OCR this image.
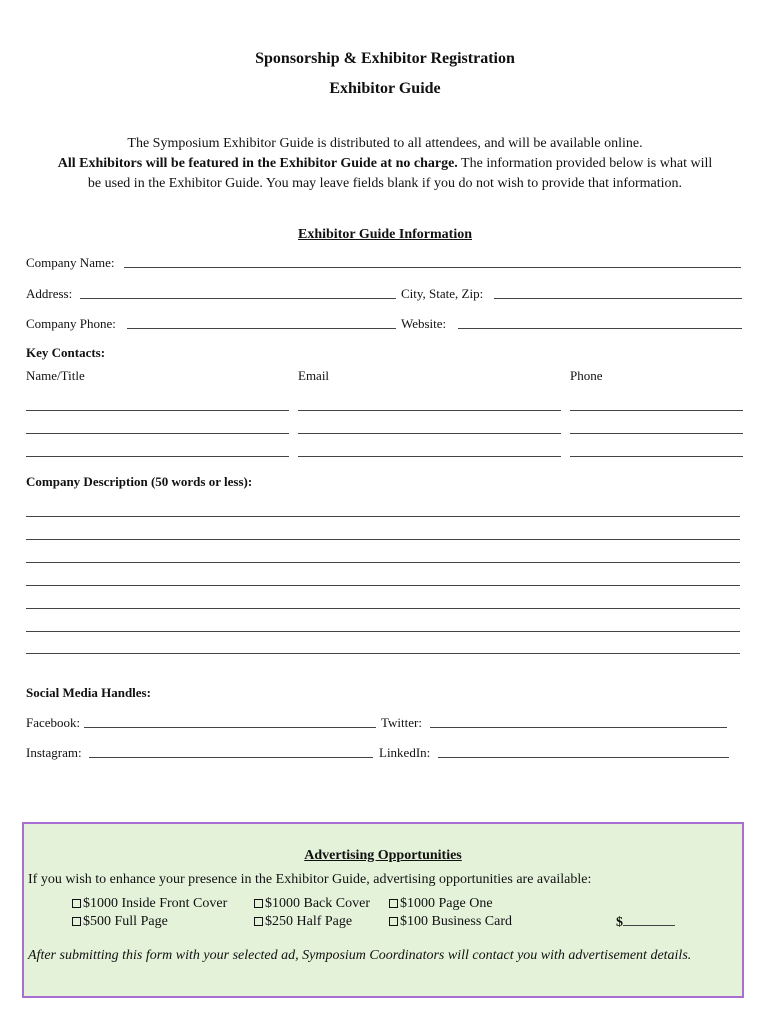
Sponsorship & Exhibitor Registration
Exhibitor Guide
The Symposium Exhibitor Guide is distributed to all attendees, and will be available online.
All Exhibitors will be featured in the Exhibitor Guide at no charge. The information provided below is what will
be used in the Exhibitor Guide. You may leave fields blank if you do not wish to provide that information.
Exhibitor Guide Information
Company Name:
Address:	City, State, Zip:
Company Phone:	Website:
Key Contacts:
Name/Title	Email	Phone
Company Description (50 words or less):
Social Media Handles:
Facebook:	Twitter:
Instagram:	LinkedIn:
Advertising Opportunities
If you wish to enhance your presence in the Exhibitor Guide, advertising opportunities are available:
$1000 Inside Front Cover	$1000 Back Cover	$1000 Page One
$500 Full Page	$250 Half Page	$100 Business Card	$
After submitting this form with your selected ad, Symposium Coordinators will contact you with advertisement details.
